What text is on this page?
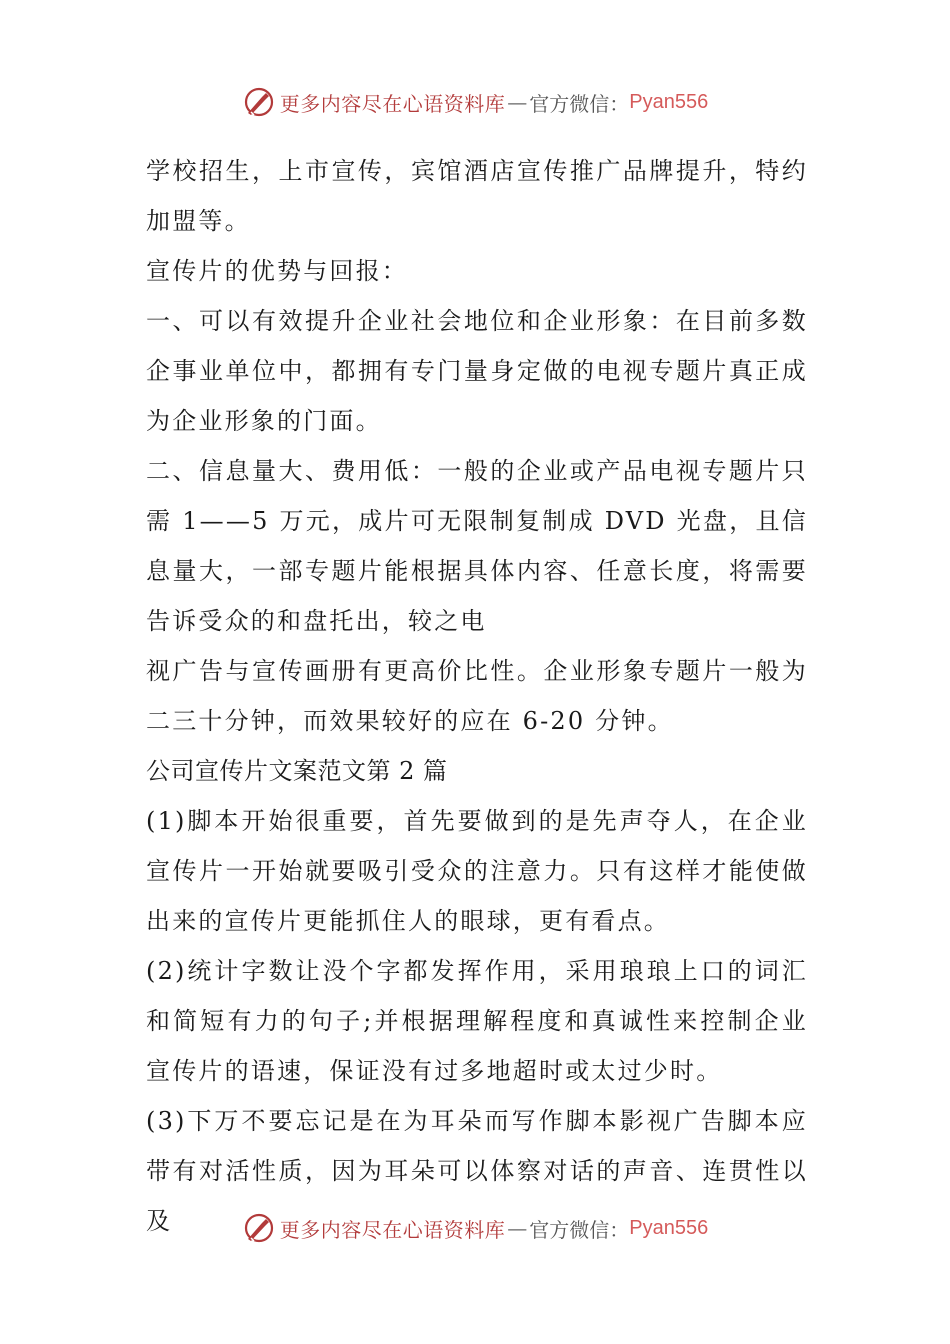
更多内容尽在心语资料库 — 官方微信： Pyan556

学校招生，上市宣传，宾馆酒店宣传推广品牌提升，特约加盟等。

宣传片的优势与回报：

一、可以有效提升企业社会地位和企业形象：在目前多数企事业单位中，都拥有专门量身定做的电视专题片真正成为企业形象的门面。

二、信息量大、费用低：一般的企业或产品电视专题片只需 1——5 万元，成片可无限制复制成 DVD 光盘，且信息量大，一部专题片能根据具体内容、任意长度，将需要告诉受众的和盘托出，较之电

视广告与宣传画册有更高价比性。企业形象专题片一般为二三十分钟，而效果较好的应在 6-20 分钟。

公司宣传片文案范文第 2 篇

(1)脚本开始很重要，首先要做到的是先声夺人，在企业宣传片一开始就要吸引受众的注意力。只有这样才能使做出来的宣传片更能抓住人的眼球，更有看点。

(2)统计字数让没个字都发挥作用，采用琅琅上口的词汇和简短有力的句子;并根据理解程度和真诚性来控制企业宣传片的语速，保证没有过多地超时或太过少时。

(3)下万不要忘记是在为耳朵而写作脚本影视广告脚本应带有对活性质，因为耳朵可以体察对话的声音、连贯性以及	更多内容尽在心语资料库 — 官方微信： Pyan556
